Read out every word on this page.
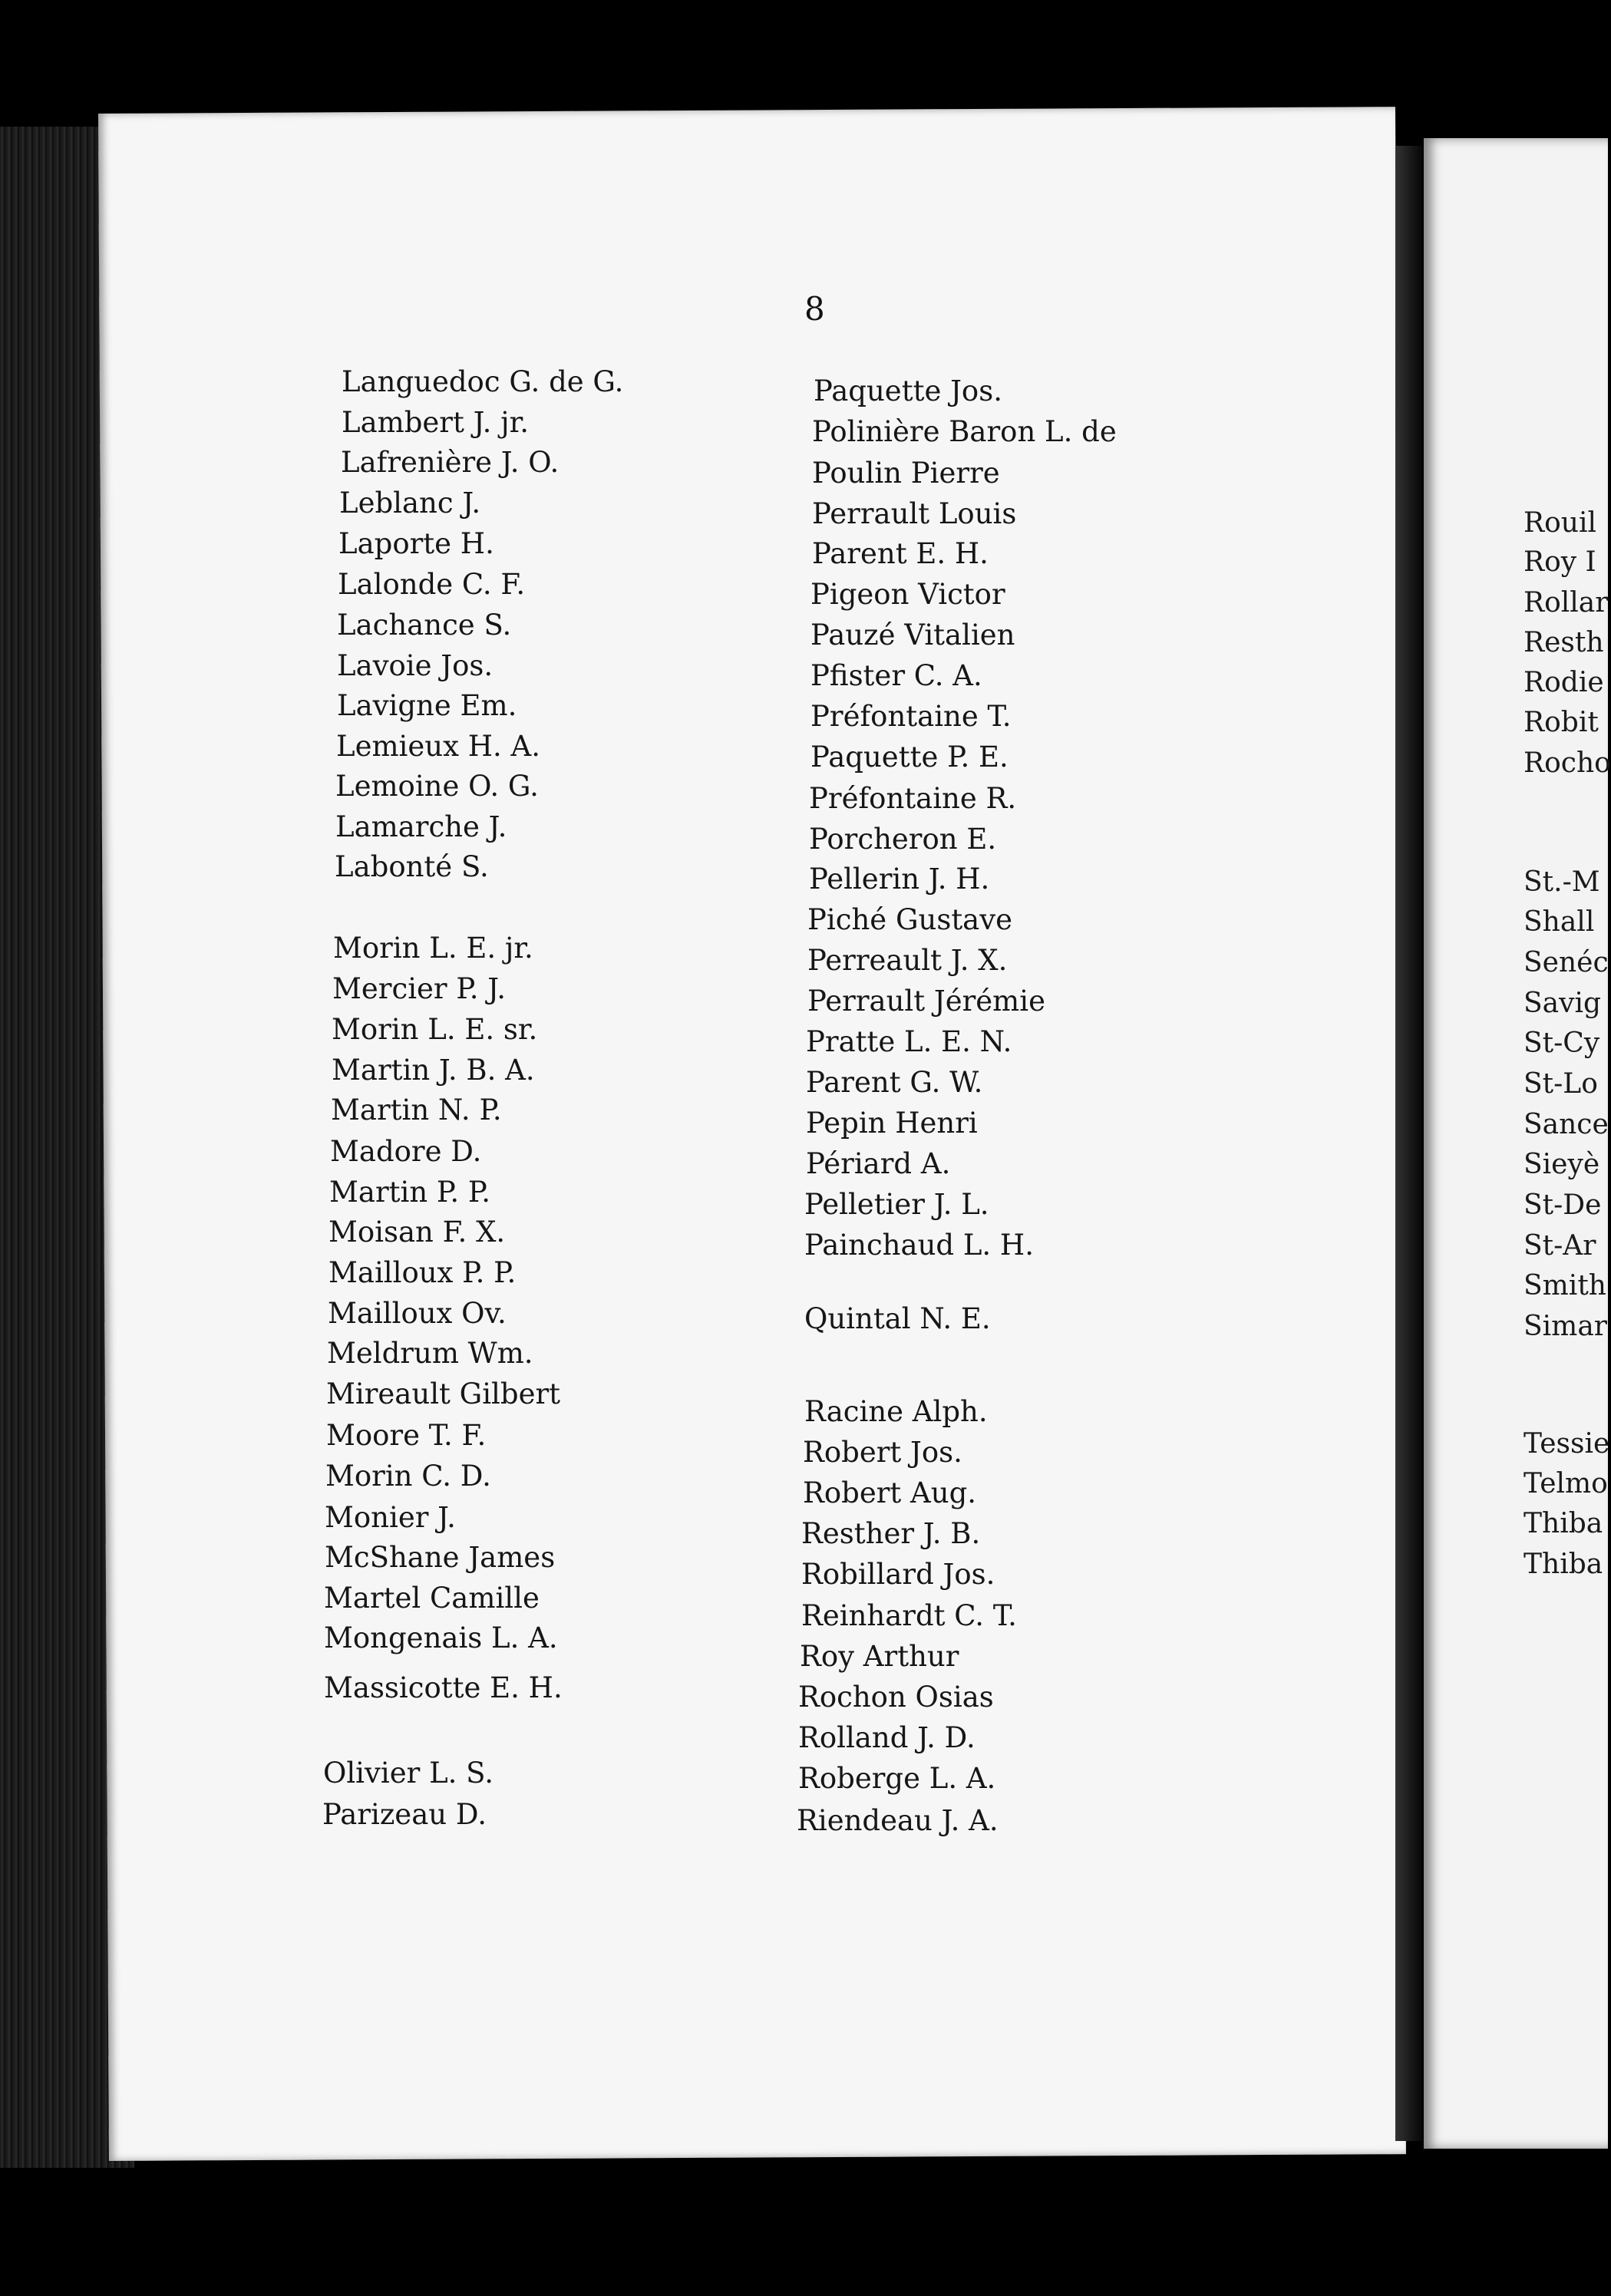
8
Languedoc G. de G.
Lambert J. jr.
Lafrenière J. O.
Leblanc J.
Laporte H.
Lalonde C. F.
Lachance S.
Lavoie Jos.
Lavigne Em.
Lemieux H. A.
Lemoine O. G.
Lamarche J.
Labonté S.
Morin L. E. jr.
Mercier P. J.
Morin L. E. sr.
Martin J. B. A.
Martin N. P.
Madore D.
Martin P. P.
Moisan F. X.
Mailloux P. P.
Mailloux Ov.
Meldrum Wm.
Mireault Gilbert
Moore T. F.
Morin C. D.
Monier J.
McShane James
Martel Camille
Mongenais L. A.
Massicotte E. H.
Olivier L. S.
Parizeau D.
Paquette Jos.
Polinière Baron L. de
Poulin Pierre
Perrault Louis
Parent E. H.
Pigeon Victor
Pauzé Vitalien
Pfister C. A.
Préfontaine T.
Paquette P. E.
Préfontaine R.
Porcheron E.
Pellerin J. H.
Piché Gustave
Perreault J. X.
Perrault Jérémie
Pratte L. E. N.
Parent G. W.
Pepin Henri
Périard A.
Pelletier J. L.
Painchaud L. H.
Quintal N. E.
Racine Alph.
Robert Jos.
Robert Aug.
Resther J. B.
Robillard Jos.
Reinhardt C. T.
Roy Arthur
Rochon Osias
Rolland J. D.
Roberge L. A.
Riendeau J. A.
Rouil
Roy I
Rollar
Resth
Rodie
Robit
Rocho
St.-M
Shall
Senéc
Savig
St-Cy
St-Lo
Sance
Sieyè
St-De
St-Ar
Smith
Simar
Tessie
Telmo
Thiba
Thiba
